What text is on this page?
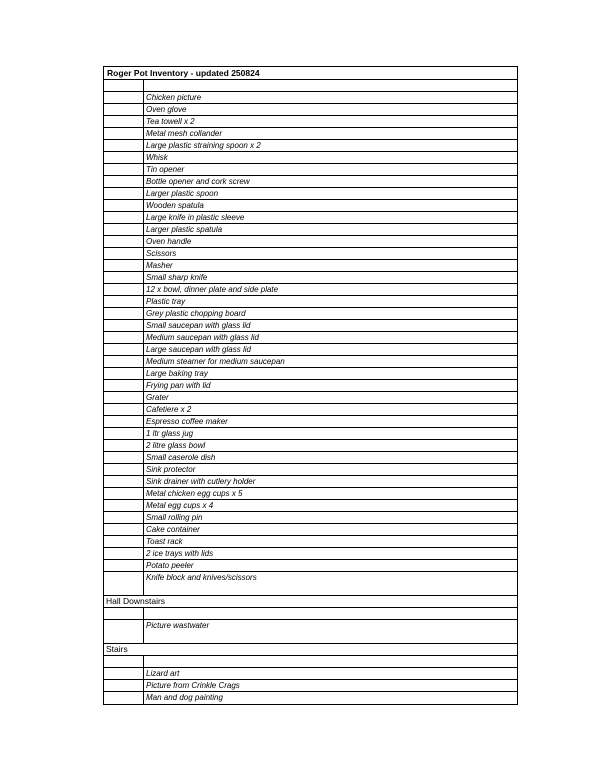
Roger Pot Inventory - updated 250824
Chicken picture
Oven glove
Tea towell x 2
Metal mesh collander
Large plastic straining spoon x 2
Whisk
Tin opener
Bottle opener and cork screw
Larger plastic spoon
Wooden spatula
Large knife in plastic sleeve
Larger plastic spatula
Oven handle
Scissors
Masher
Small sharp knife
12 x bowl, dinner plate and side plate
Plastic tray
Grey plastic chopping board
Small saucepan with glass lid
Medium saucepan with glass lid
Large saucepan with glass lid
Medium steamer for medium saucepan
Large baking tray
Frying pan with lid
Grater
Cafetiere x 2
Espresso coffee maker
1 ltr glass jug
2 litre glass bowl
Small caserole dish
Sink protector
Sink drainer with cutlery holder
Metal chicken egg cups x 5
Metal egg cups x 4
Small rolling pin
Cake container
Toast rack
2 ice trays with lids
Potato peeler
Knife block and knives/scissors
Hall Downstairs
Picture wastwater
Stairs
Lizard art
Picture from Crinkle Crags
Man and dog painting
